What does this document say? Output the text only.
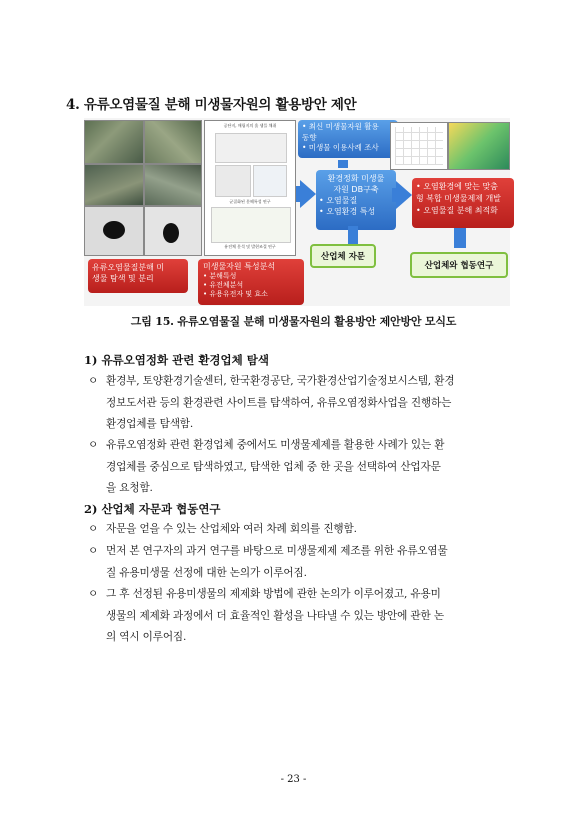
4. 유류오염물질 분해 미생물자원의 활용방안 제안
유류오염물질분해 미
생물 탐색 및 분리
공단지, 매립지의 흙 샘플 채취
균질화된 분해특성 연구
유전체 분석 및 발현조절 연구
미생물자원 특성분석
• 분해특성
• 유전체분석
• 유용유전자 및 효소
• 최신 미생물자원 활용
동향
• 미생물 이용사례 조사
환경정화 미생물
자원 DB구축
• 오염물질
• 오염환경 특성
산업체 자문
• 오염환경에 맞는 맞춤
형 복합 미생물제제 개발
• 오염물질 분해 최적화
산업체와 협동연구
그림 15. 유류오염물질 분해 미생물자원의 활용방안 제안방안 모식도
1) 유류오염정화 관련 환경업체 탐색
ㅇ 환경부, 토양환경기술센터, 한국환경공단, 국가환경산업기술정보시스템, 환경
정보도서관 등의 환경관련 사이트를 탐색하여, 유류오염정화사업을 진행하는
환경업체를 탐색함.
ㅇ 유류오염정화 관련 환경업체 중에서도 미생물제제를 활용한 사례가 있는 환
경업체를 중심으로 탐색하였고, 탐색한 업체 중 한 곳을 선택하여 산업자문
을 요청함.
2) 산업체 자문과 협동연구
ㅇ 자문을 얻을 수 있는 산업체와 여러 차례 회의를 진행함.
ㅇ 먼저 본 연구자의 과거 연구를 바탕으로 미생물제제 제조를 위한 유류오염물
질 유용미생물 선정에 대한 논의가 이루어짐.
ㅇ 그 후 선정된 유용미생물의 제제화 방법에 관한 논의가 이루어졌고, 유용미
생물의 제제화 과정에서 더 효율적인 활성을 나타낼 수 있는 방안에 관한 논
의 역시 이루어짐.
- 23 -
